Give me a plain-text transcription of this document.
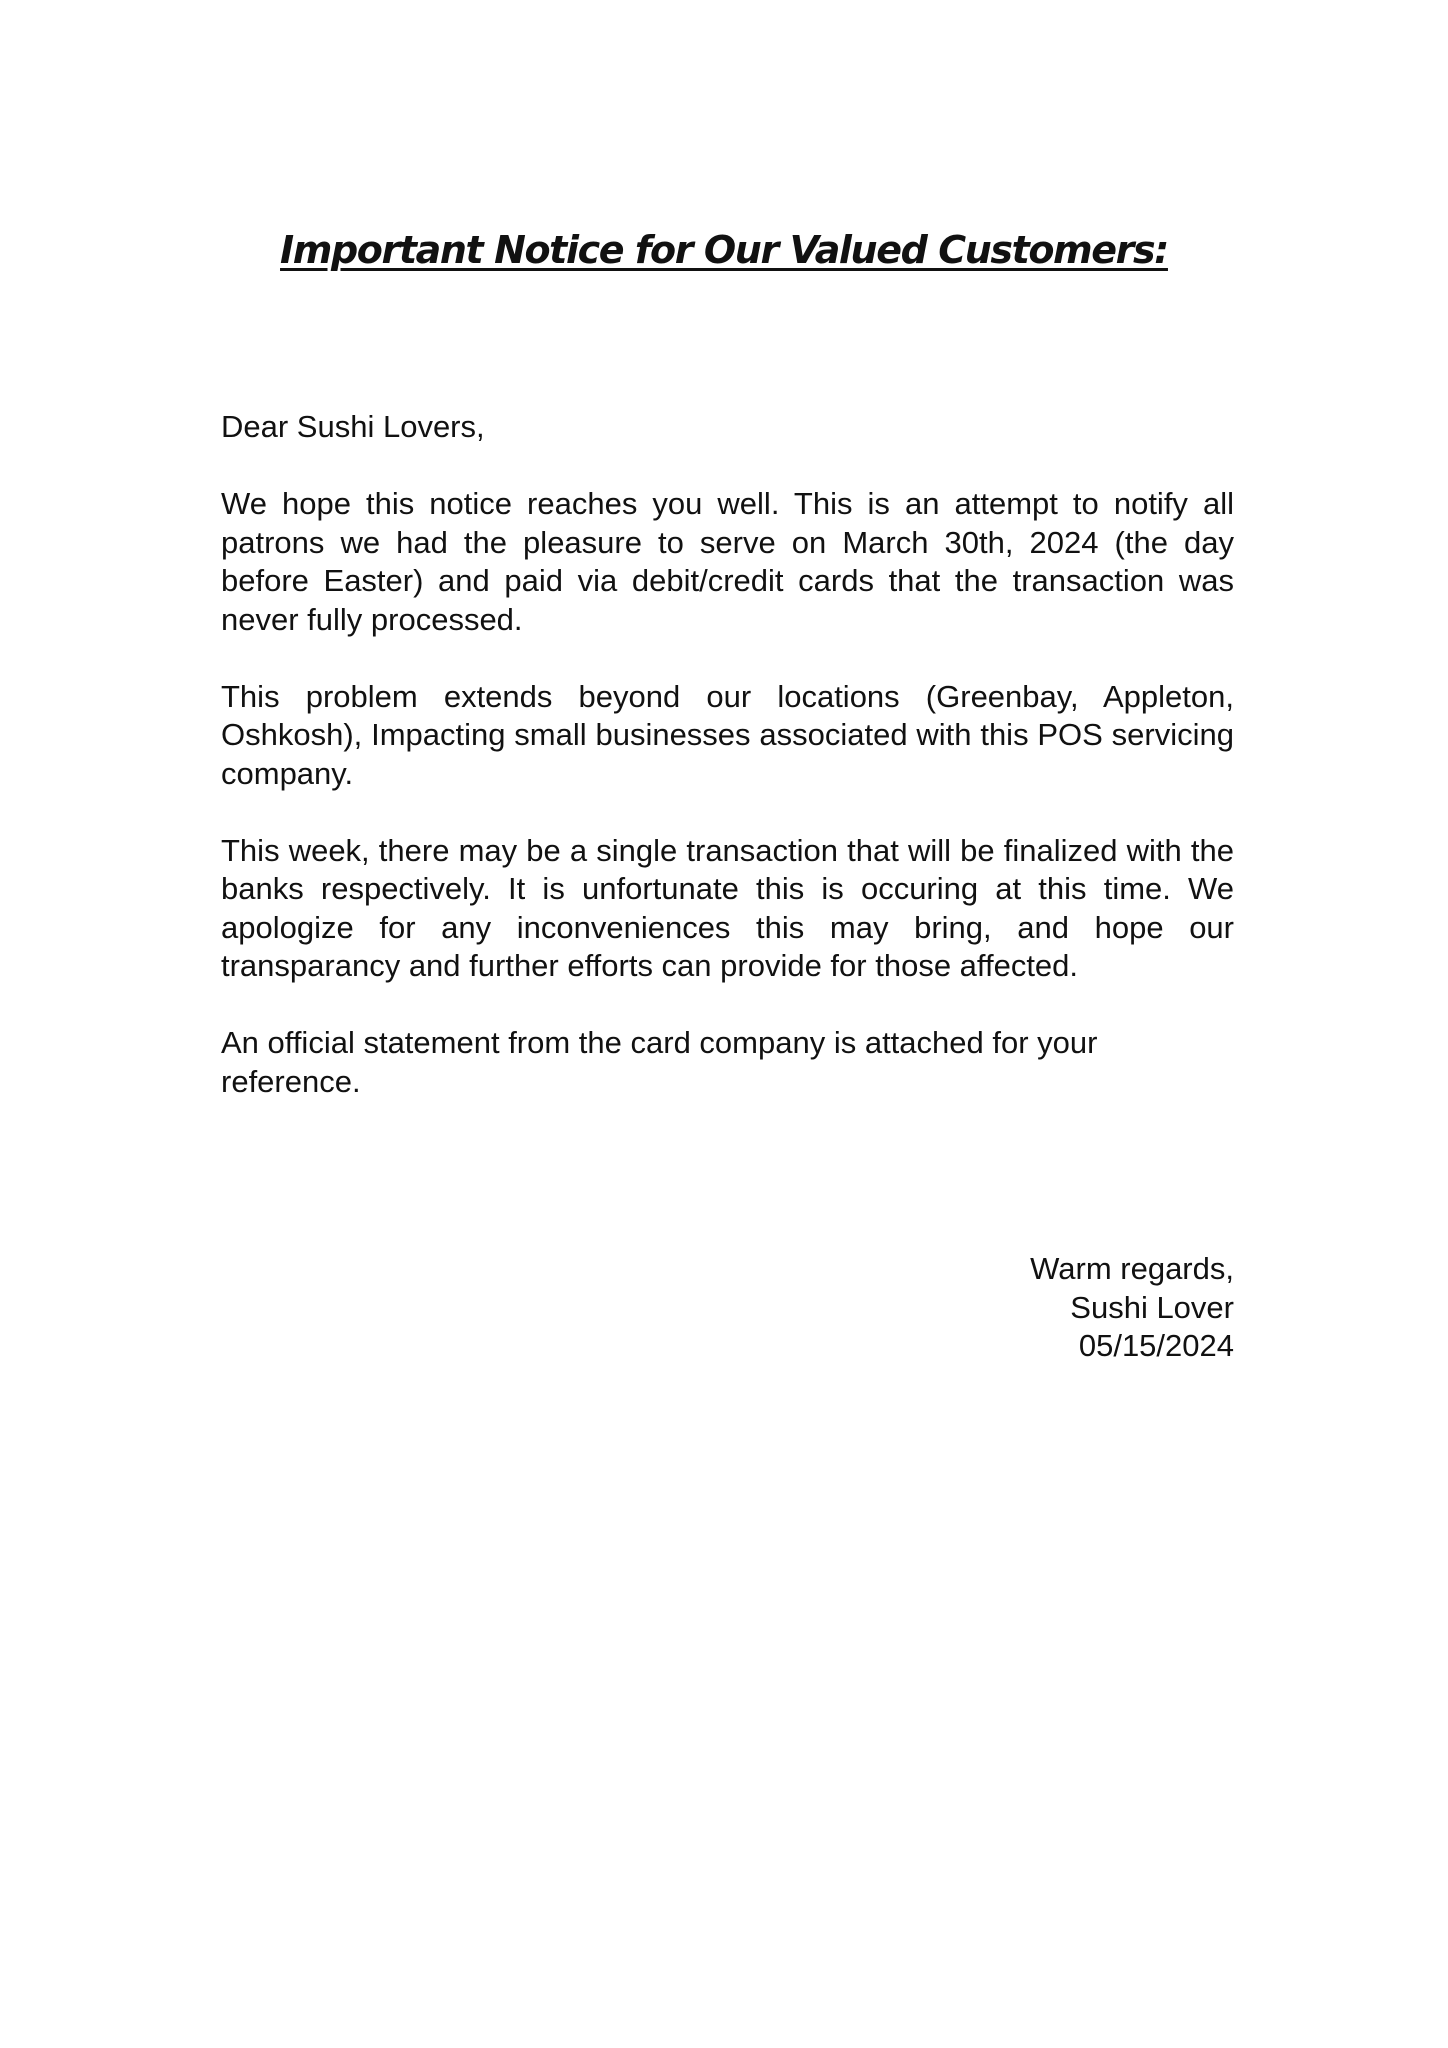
Important Notice for Our Valued Customers:

Dear Sushi Lovers,

We hope this notice reaches you well. This is an attempt to notify all patrons we had the pleasure to serve on March 30th, 2024 (the day before Easter) and paid via debit/credit cards that the transaction was never fully processed.

This problem extends beyond our locations (Greenbay, Appleton, Oshkosh), Impacting small businesses associated with this POS servicing company.

This week, there may be a single transaction that will be finalized with the banks respectively. It is unfortunate this is occuring at this time. We apologize for any inconveniences this may bring, and hope our transparancy and further efforts can provide for those affected.

An official statement from the card company is attached for your reference.

Warm regards,
Sushi Lover
05/15/2024
